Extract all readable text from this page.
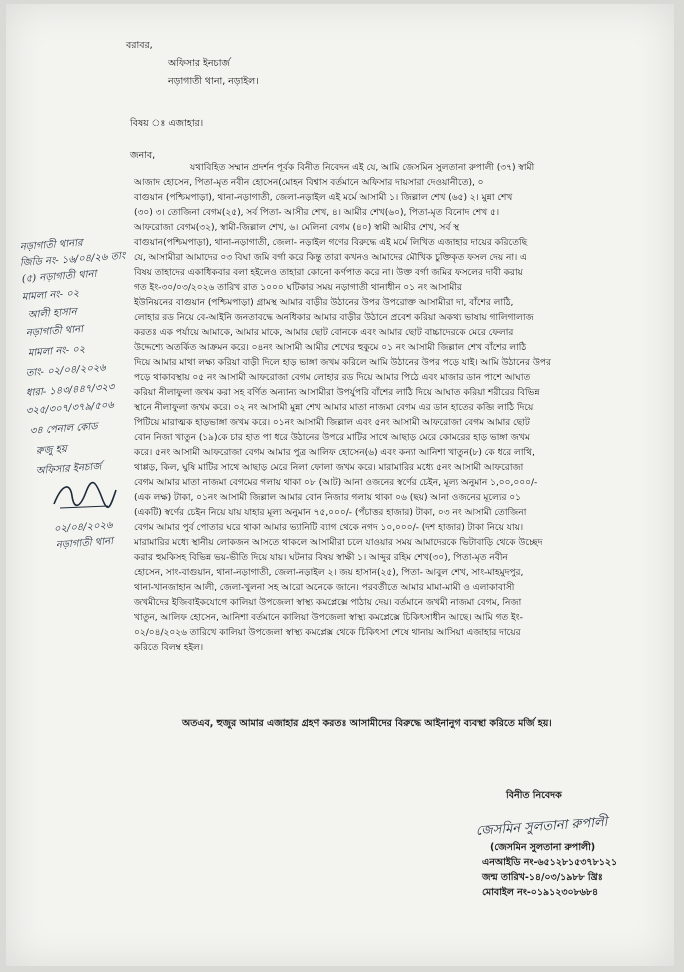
বরাবর,
অফিসার ইনচার্জ
নড়াগাতী থানা, নড়াইল।
বিষয় ঃ এজাহার।
জনাব,
যথাবিহিত সম্মান প্রদর্শন পূর্বক বিনীত নিবেদন এই যে, আমি জেসমিন সুলতানা রুপালী (৩৭) স্বামী
আজাদ হোসেন, পিতা-মৃত নবীন হোসেন(মোহন বিশ্বাস বর্তমানে অফিসার দায়সারা দেওয়ানীতে), ০
বাগুয়ান (পশ্চিমপাড়া), থানা-নড়াগাতী, জেলা-নড়াইল এই মর্মে আসামী ১। জিল্লাল শেখ (৬৫) ২। মুন্না শেখ
(৩০) ৩। তোজিনা বেগম(২৫), সর্ব পিতা- আসীর শেখ, ৪। আমীর শেখ(৬০), পিতা-মৃত বিনোদ শেখ ৫।
আফরোজা বেগম(৩২), স্বামী-জিল্লাল শেখ, ৬। মেলিনা বেগম (৪০) স্বামী আমীর শেখ, সর্ব স্থ
বাগুয়ান(পশ্চিমপাড়া), থানা-নড়াগাতী, জেলা- নড়াইল গণের বিরুদ্ধে এই মর্মে লিখিত এজাহার দায়ের করিতেছি
যে, আসামীরা আমাদের ০৩ বিঘা জমি বর্গা করে কিন্তু তারা কখনও আমাদের মৌখিক চুক্তিকৃত ফসল দেয় না। এ
বিষয় তাহাদের একাধিকবার বলা হইলেও তাহারা কোনো কর্ণপাত করে না। উক্ত বর্গা জমির ফসলের দাবী করায়
গত ইং-৩০/০৩/২০২৬ তারিখ রাত ১০০০ ঘটিকার সময় নড়াগাতী থানাধীন ০১ নং আসামীর
ইউনিয়নের বাগুয়ান (পশ্চিমপাড়া) গ্রামস্থ আমার বাড়ীর উঠানের উপর উপরোক্ত আসামীরা দা, বাঁশের লাঠি,
লোহার রড নিয়ে বে-আইনি জনতাবদ্ধে অনধিকার আমার বাড়ীর উঠানে প্রবেশ করিয়া অকথ্য ভাষায় গালিগালাজ
করতঃ এক পর্যায়ে আমাকে, আমার মাকে, আমার ছোট বোনকে এবং আমার ছোট বাচ্চাদেরকে মেরে ফেলার
উদ্দেশ্যে অতর্কিত আক্রমন করে। ০৪নং আসামী আমীর শেখের হুকুমে ০১ নং আসামী জিল্লাল শেখ বাঁশের লাঠি
দিয়ে আমার মাথা লক্ষ্য করিয়া বাড়ী দিলে হাড় ভাঙ্গা জখম করিলে আমি উঠানের উপর পড়ে যাই। আমি উঠানের উপর
পড়ে থাকাবস্থায় ০৫ নং আসামী আফরোজা বেগম লোহার রড দিয়ে আমার পিঠে এবং মাজার ডান পাশে আঘাত
করিয়া নীলাফুলা জখম করা সহ বর্ণিত অন্যান্য আসামীরা উপর্যুপরি বাঁশের লাঠি দিয়ে আঘাত করিয়া শরীরের বিভিন্ন
স্থানে নীলাফুলা জখম করে। ০২ নং আসামী মুন্না শেখ আমার মাতা নাজমা বেগম এর ডান হাতের কব্জি লাঠি দিয়ে
পিটিয়ে মারাত্মক হাড়ভাঙ্গা জখম করে। ০১নং আসামী জিল্লাল এবং ৫নং আসামী আফরোজা বেগম আমার ছোট
বোন নিজা খাতুন (১৯)কে চার হাত পা ধরে উঠানের উপরে মাটির সাথে আছাড় মেরে কোমরের হাড় ভাঙ্গা জখম
করে। ৫নং আসামী আফরোজা বেগম আমার পুত্র আলিফ হোসেন(৬) এবং কন্যা আনিশা খাতুন(৮) কে ধরে লাথি,
থাপ্পড়, কিল, ঘুষি মাটির সাথে আছাড় মেরে নিলা ফোলা জখম করে। মারামারির মধ্যে ৫নং আসামী আফরোজা
বেগম আমার মাতা নাজমা বেগমের গলায় থাকা ০৮ (আট) আনা ওজনের স্বর্ণের চেইন, মূল্য অনুমান ১,০০,০০০/-
(এক লক্ষ) টাকা, ০১নং আসামী জিল্লাল আমার বোন নিজার গলায় থাকা ০৬ (ছয়) আনা ওজনের মূল্যের ০১
(একটি) স্বর্ণের চেইন নিয়ে যায় যাহার মূল্য অনুমান ৭৫,০০০/- (পঁচাত্তর হাজার) টাকা, ০৩ নং আসামী তোজিনা
বেগম আমার পুর্ব পোতার ঘরে থাকা আমার ভ্যানিটি ব্যাগ থেকে নগদ ১০,০০০/- (দশ হাজার) টাকা নিয়ে যায়।
মারামারির মধ্যে স্থানীয় লোকজন আসতে থাকলে আসামীরা চলে যাওয়ার সময় আমাদেরকে ভিটাবাড়ি থেকে উচ্ছেদ
করার হুমকিসহ বিভিন্ন ভয়-ভীতি দিয়ে যায়। ঘটনার বিষয় স্বাক্ষী ১। আব্দুর রহিম শেখ(৩০), পিতা-মৃত নবীন
হোসেন, সাং-বাগুয়ান, থানা-নড়াগাতী, জেলা-নড়াইল ২। জয় হাসান(২৫), পিতা- আবুল শেখ, সাং-মাহমুদপুর,
থানা-খানজাহান আলী, জেলা-খুলনা সহ আরো অনেকে জানে। পরবর্তীতে আমার মামা-মামী ও এলাকাবাসী
জখমীদের ইজিবাইকযোগে কালিয়া উপজেলা স্বাস্থ্য কমপ্লেক্সে পাঠায় দেয়। বর্তমানে জখমী নাজমা বেগম, নিজা
খাতুন, আলিফ হোসেন, আনিশা বর্তমানে কালিয়া উপজেলা স্বাস্থ্য কমপ্লেক্সে চিকিৎসাধীন আছে। আমি গত ইং-
০২/০৪/২০২৬ তারিখে কালিয়া উপজেলা স্বাস্থ্য কমপ্লেক্স থেকে চিকিৎসা শেষে থানায় আসিয়া এজাহার দায়ের
করিতে বিলম্ব হইল।
অতএব, হুজুর আমার এজাহার গ্রহণ করতঃ আসামীদের বিরুদ্ধে আইনানুগ ব্যবস্থা করিতে মর্জি হয়।
বিনীত নিবেদক
জেসমিন সুলতানা রুপালী
(জেসমিন সুলতানা রুপালী)
এনআইডি নং-৬৫১২৮১৫৩৭৮১২১
জন্ম তারিখ-১৪/০৩/১৯৮৮ খ্রিঃ
মোবাইল নং-০১৯১২৩০৮৬৮৪
নড়াগাতী থানার
জিডি নং- ১৬/০৪/২৬ তাং
(৫) নড়াগাতী থানা
মামলা নং- ০২
আলী হাসান
নড়াগাতী থানা
মামলা নং- ০২
তাং- ০২/০৪/২০২৬
ধারা- ১৪৩/৪৪৭/৩২৩
৩২৫/৩০৭/৩৭৯/৫০৬
৩৪ পেনাল কোড
রুজু হয়
অফিসার ইনচার্জ
০২/০৪/২০২৬
নড়াগাতী থানা
